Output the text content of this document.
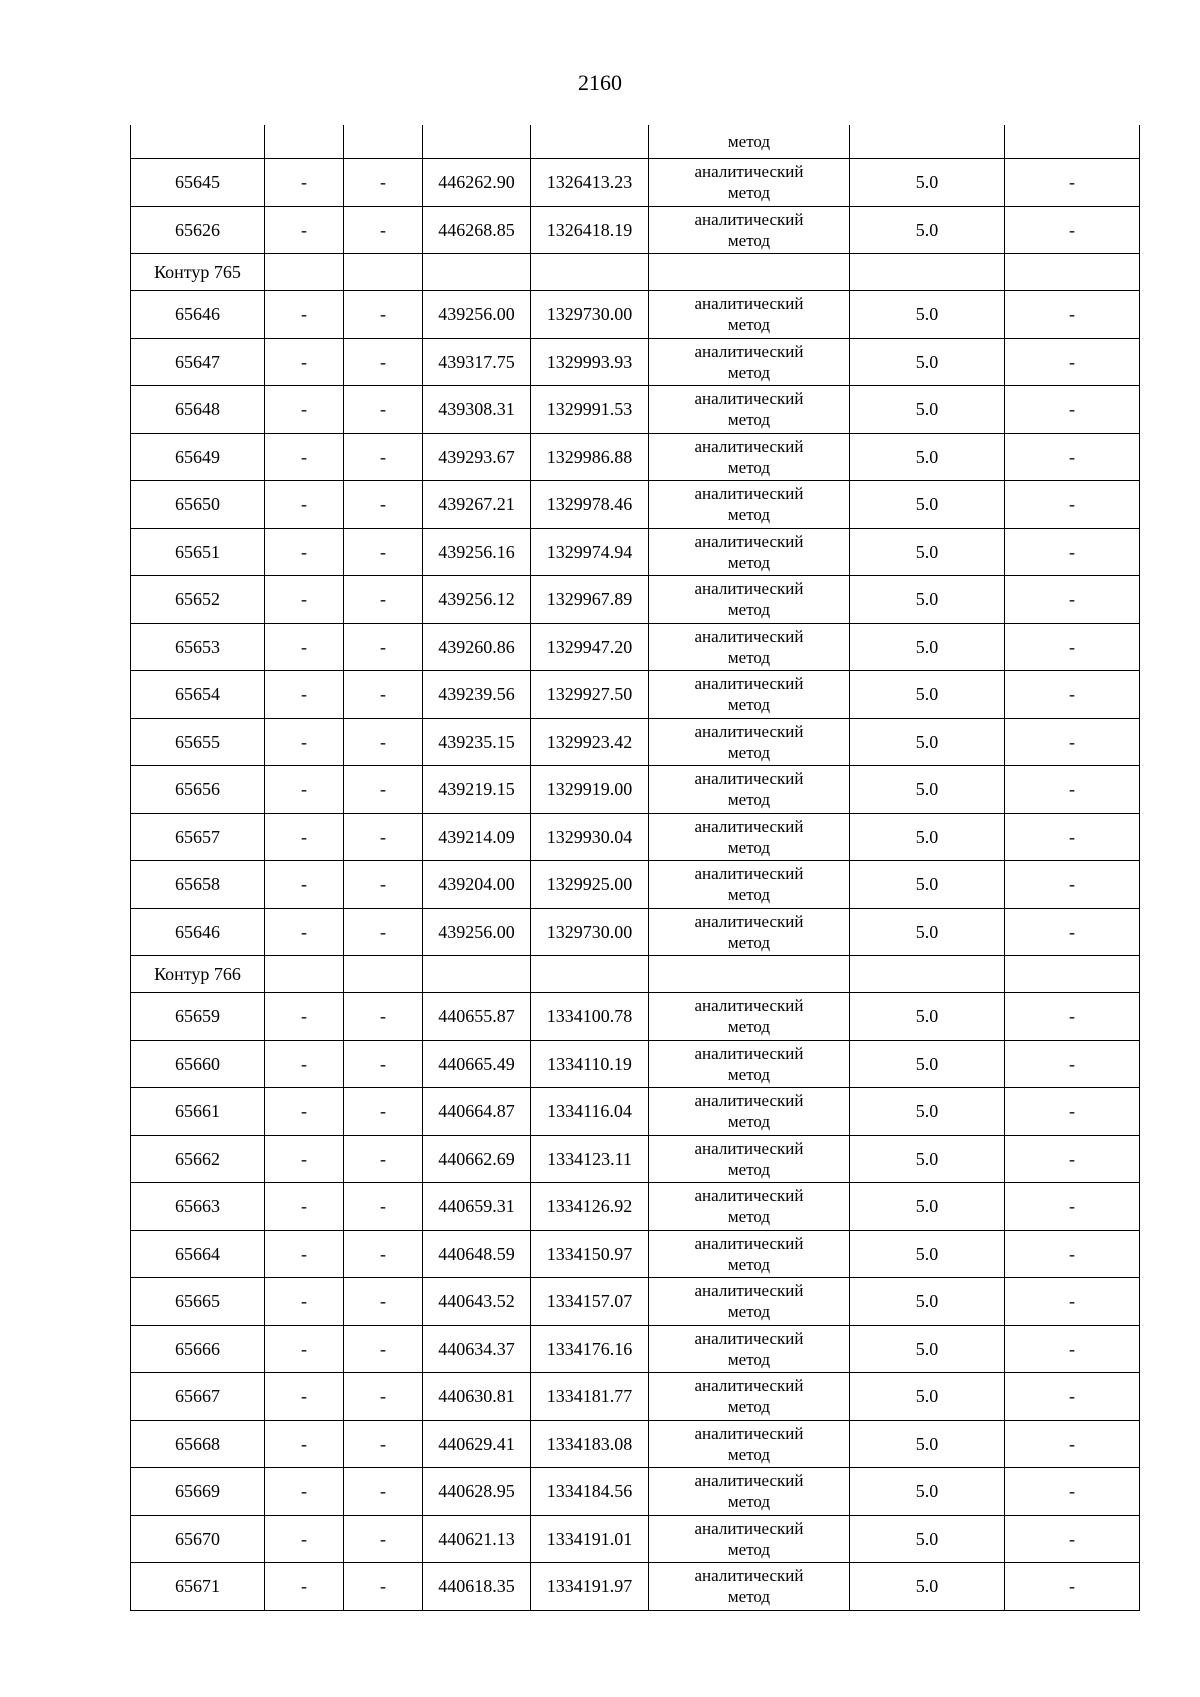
2160
					метод		
65645	-	-	446262.90	1326413.23	аналитический
метод	5.0	-
65626	-	-	446268.85	1326418.19	аналитический
метод	5.0	-
Контур 765							
65646	-	-	439256.00	1329730.00	аналитический
метод	5.0	-
65647	-	-	439317.75	1329993.93	аналитический
метод	5.0	-
65648	-	-	439308.31	1329991.53	аналитический
метод	5.0	-
65649	-	-	439293.67	1329986.88	аналитический
метод	5.0	-
65650	-	-	439267.21	1329978.46	аналитический
метод	5.0	-
65651	-	-	439256.16	1329974.94	аналитический
метод	5.0	-
65652	-	-	439256.12	1329967.89	аналитический
метод	5.0	-
65653	-	-	439260.86	1329947.20	аналитический
метод	5.0	-
65654	-	-	439239.56	1329927.50	аналитический
метод	5.0	-
65655	-	-	439235.15	1329923.42	аналитический
метод	5.0	-
65656	-	-	439219.15	1329919.00	аналитический
метод	5.0	-
65657	-	-	439214.09	1329930.04	аналитический
метод	5.0	-
65658	-	-	439204.00	1329925.00	аналитический
метод	5.0	-
65646	-	-	439256.00	1329730.00	аналитический
метод	5.0	-
Контур 766							
65659	-	-	440655.87	1334100.78	аналитический
метод	5.0	-
65660	-	-	440665.49	1334110.19	аналитический
метод	5.0	-
65661	-	-	440664.87	1334116.04	аналитический
метод	5.0	-
65662	-	-	440662.69	1334123.11	аналитический
метод	5.0	-
65663	-	-	440659.31	1334126.92	аналитический
метод	5.0	-
65664	-	-	440648.59	1334150.97	аналитический
метод	5.0	-
65665	-	-	440643.52	1334157.07	аналитический
метод	5.0	-
65666	-	-	440634.37	1334176.16	аналитический
метод	5.0	-
65667	-	-	440630.81	1334181.77	аналитический
метод	5.0	-
65668	-	-	440629.41	1334183.08	аналитический
метод	5.0	-
65669	-	-	440628.95	1334184.56	аналитический
метод	5.0	-
65670	-	-	440621.13	1334191.01	аналитический
метод	5.0	-
65671	-	-	440618.35	1334191.97	аналитический
метод	5.0	-
